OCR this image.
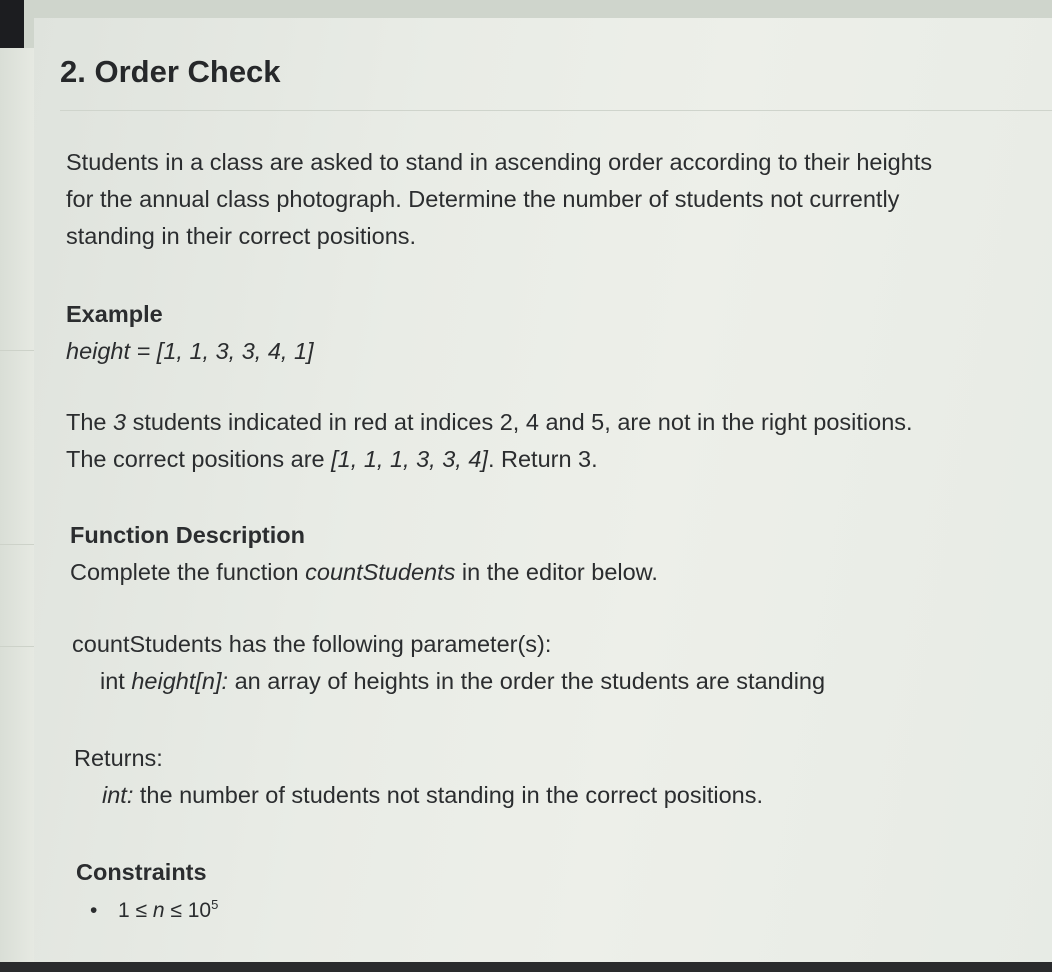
2. Order Check

Students in a class are asked to stand in ascending order according to their heights
for the annual class photograph. Determine the number of students not currently
standing in their correct positions.

Example
height = [1, 1, 3, 3, 4, 1]

The 3 students indicated in red at indices 2, 4 and 5, are not in the right positions.
The correct positions are [1, 1, 1, 3, 3, 4]. Return 3.

Function Description
Complete the function countStudents in the editor below.

countStudents has the following parameter(s):

int height[n]: an array of heights in the order the students are standing

Returns:

int: the number of students not standing in the correct positions.

Constraints
• $1 \le n \le 10^5$
